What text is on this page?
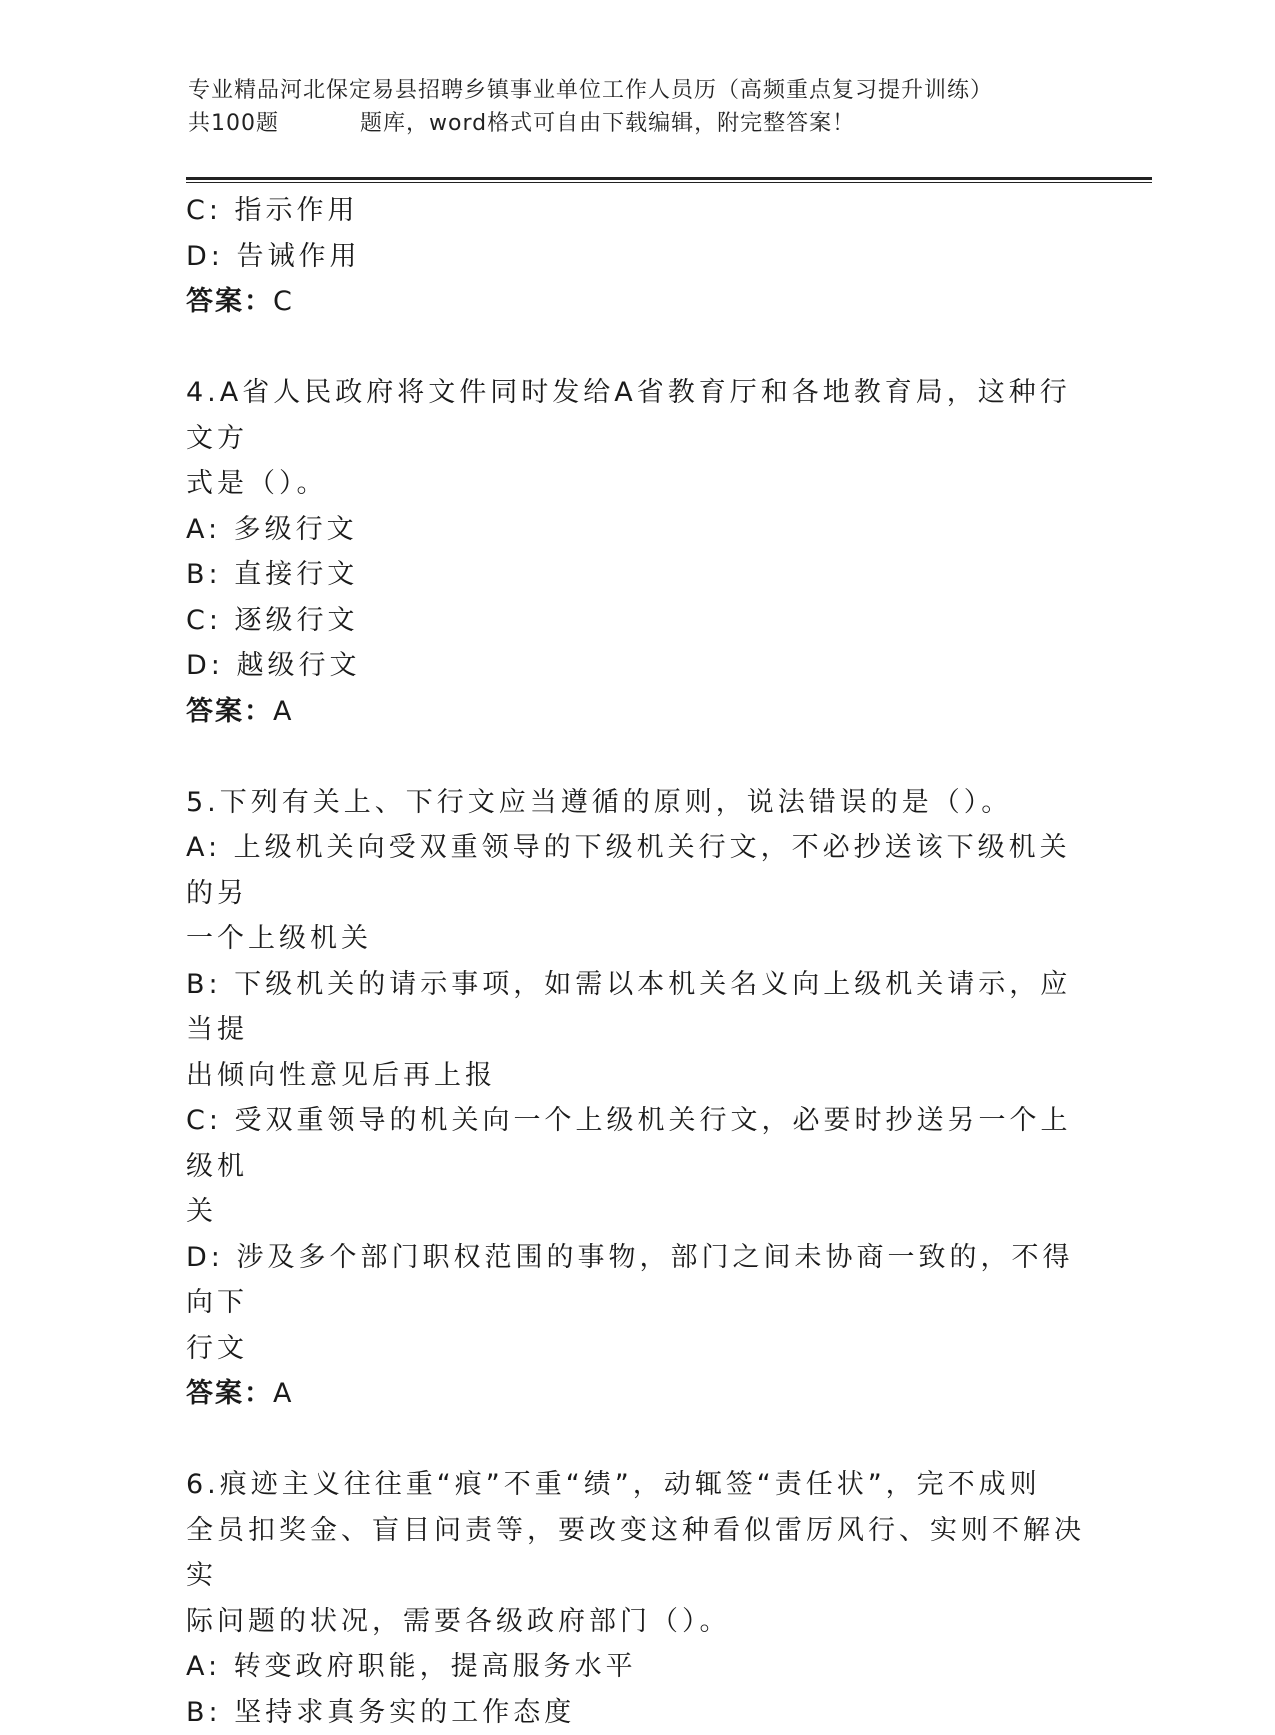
专业精品河北保定易县招聘乡镇事业单位工作人员历（高频重点复习提升训练）
共100题	题库，word格式可自由下载编辑，附完整答案！

C: 指示作用

D: 告诫作用

答案：C

4.A省人民政府将文件同时发给A省教育厅和各地教育局，这种行文方

式是（）。

A: 多级行文

B: 直接行文

C: 逐级行文

D: 越级行文

答案：A

5.下列有关上、下行文应当遵循的原则，说法错误的是（）。

A: 上级机关向受双重领导的下级机关行文，不必抄送该下级机关的另

一个上级机关

B: 下级机关的请示事项，如需以本机关名义向上级机关请示，应当提

出倾向性意见后再上报

C: 受双重领导的机关向一个上级机关行文，必要时抄送另一个上级机

关

D: 涉及多个部门职权范围的事物，部门之间未协商一致的，不得向下

行文

答案：A

6.痕迹主义往往重“痕”不重“绩”，动辄签“责任状”，完不成则

全员扣奖金、盲目问责等，要改变这种看似雷厉风行、实则不解决实

际问题的状况，需要各级政府部门（）。

A: 转变政府职能，提高服务水平

B: 坚持求真务实的工作态度
